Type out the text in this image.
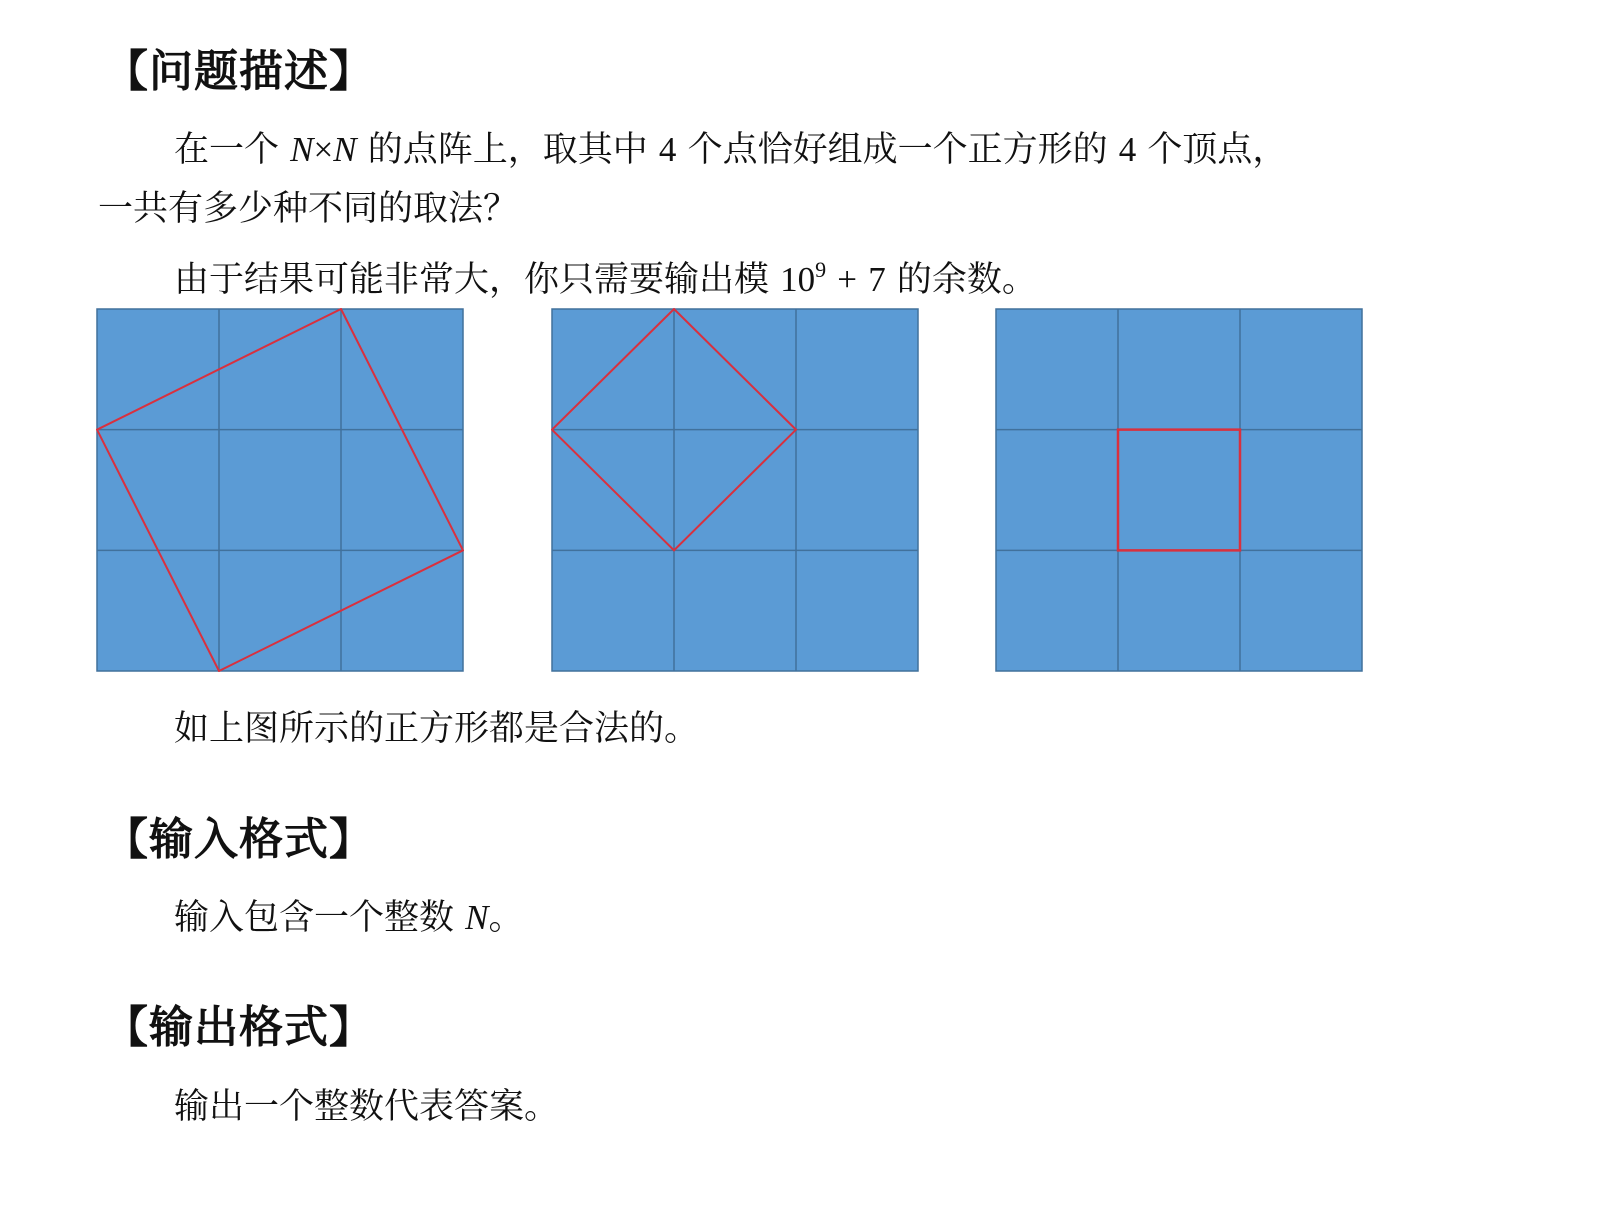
【问题描述】

在一个 N×N 的点阵上，取其中 4 个点恰好组成一个正方形的 4 个顶点，

一共有多少种不同的取法？

由于结果可能非常大，你只需要输出模 $10^9 + 7$ 的余数。

如上图所示的正方形都是合法的。

【输入格式】

输入包含一个整数 N。

【输出格式】

输出一个整数代表答案。
